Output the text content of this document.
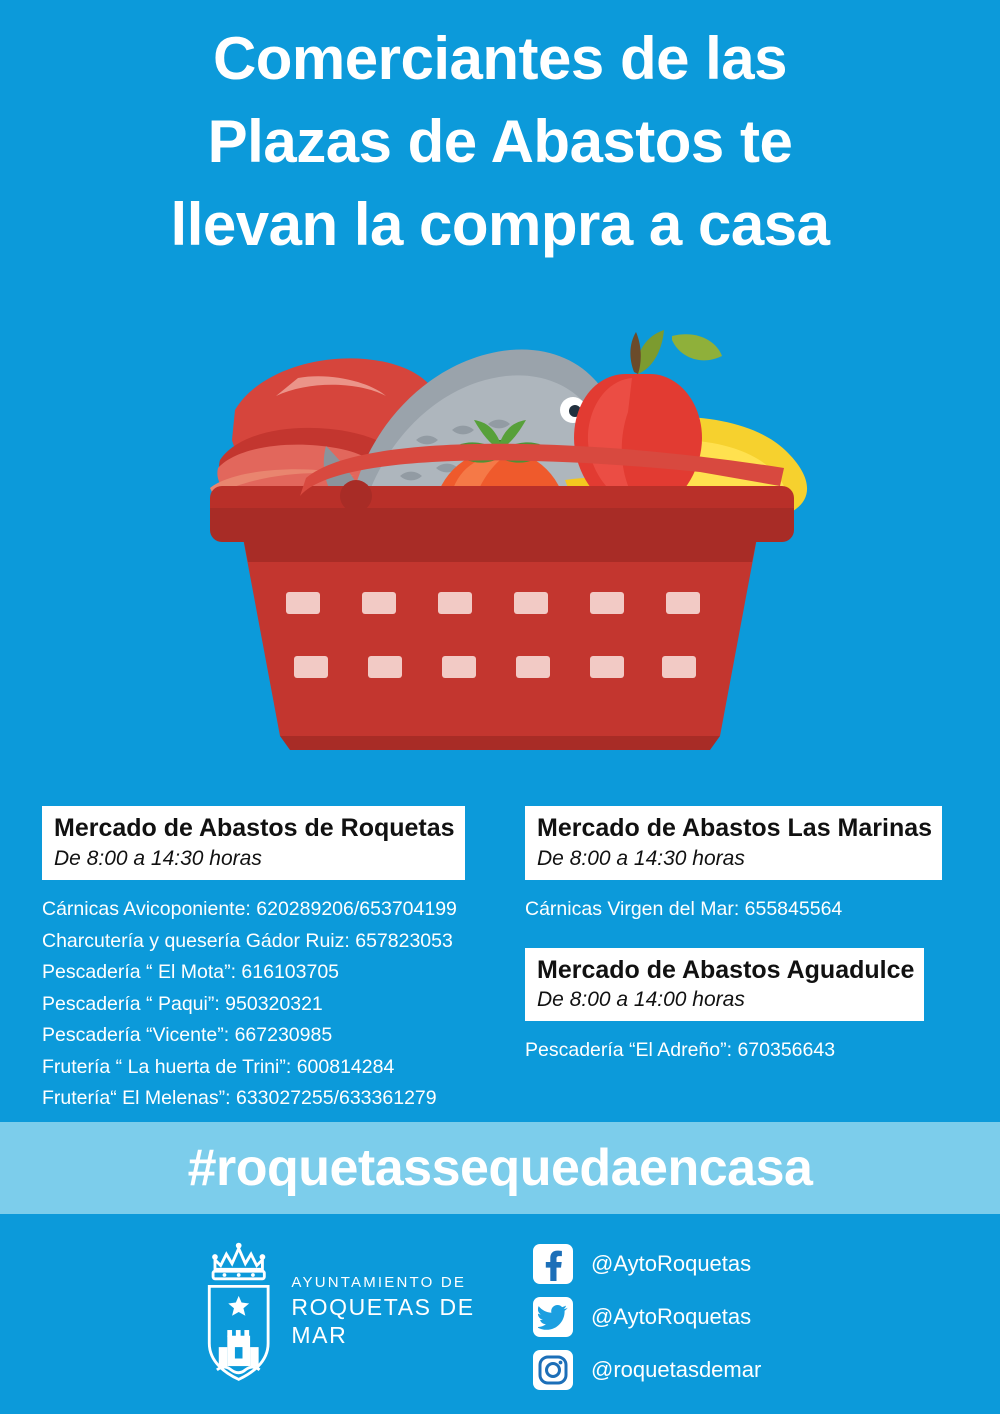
Comerciantes de las
Plazas de Abastos te
llevan la compra a casa
Mercado de Abastos de Roquetas
De 8:00 a 14:30 horas
Cárnicas Avicoponiente: 620289206/653704199
Charcutería y quesería Gádor Ruiz: 657823053
Pescadería “ El Mota”: 616103705
Pescadería “ Paqui”: 950320321
Pescadería “Vicente”: 667230985
Frutería “ La huerta de Trini”: 600814284
Frutería“ El Melenas”: 633027255/633361279
Mercado de Abastos Las Marinas
De 8:00 a 14:30 horas
Cárnicas Virgen del Mar: 655845564
Mercado de Abastos Aguadulce
De 8:00 a 14:00 horas
Pescadería “El Adreño”: 670356643
#roquetassequedaencasa
AYUNTAMIENTO DE
ROQUETAS DE MAR
@AytoRoquetas
@AytoRoquetas
@roquetasdemar
